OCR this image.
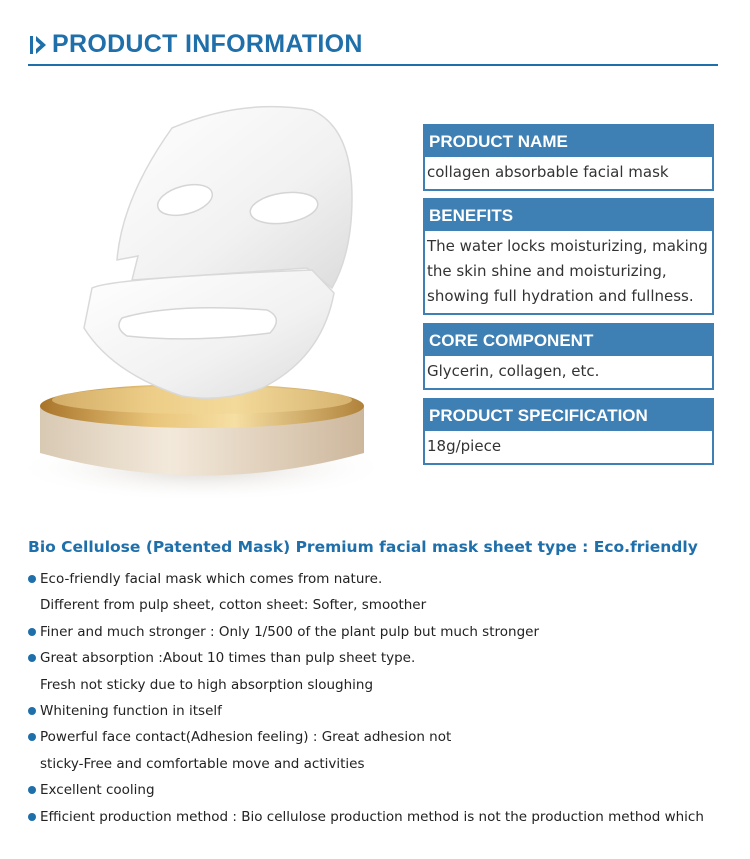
PRODUCT INFORMATION
PRODUCT NAME
collagen absorbable facial mask
BENEFITS
The water locks moisturizing, making the skin shine and moisturizing, showing full hydration and fullness.
CORE COMPONENT
Glycerin, collagen, etc.
PRODUCT SPECIFICATION
18g/piece
Bio Cellulose (Patented Mask) Premium facial mask sheet type : Eco.friendly
Eco-friendly facial mask which comes from nature.
Different from pulp sheet, cotton sheet: Softer, smoother
Finer and much stronger : Only 1/500 of the plant pulp but much stronger
Great absorption :About 10 times than pulp sheet type.
Fresh not sticky due to high absorption sloughing
Whitening function in itself
Powerful face contact(Adhesion feeling) : Great adhesion not
sticky-Free and comfortable move and activities
Excellent cooling
Efficient production method : Bio cellulose production method is not the production method which
